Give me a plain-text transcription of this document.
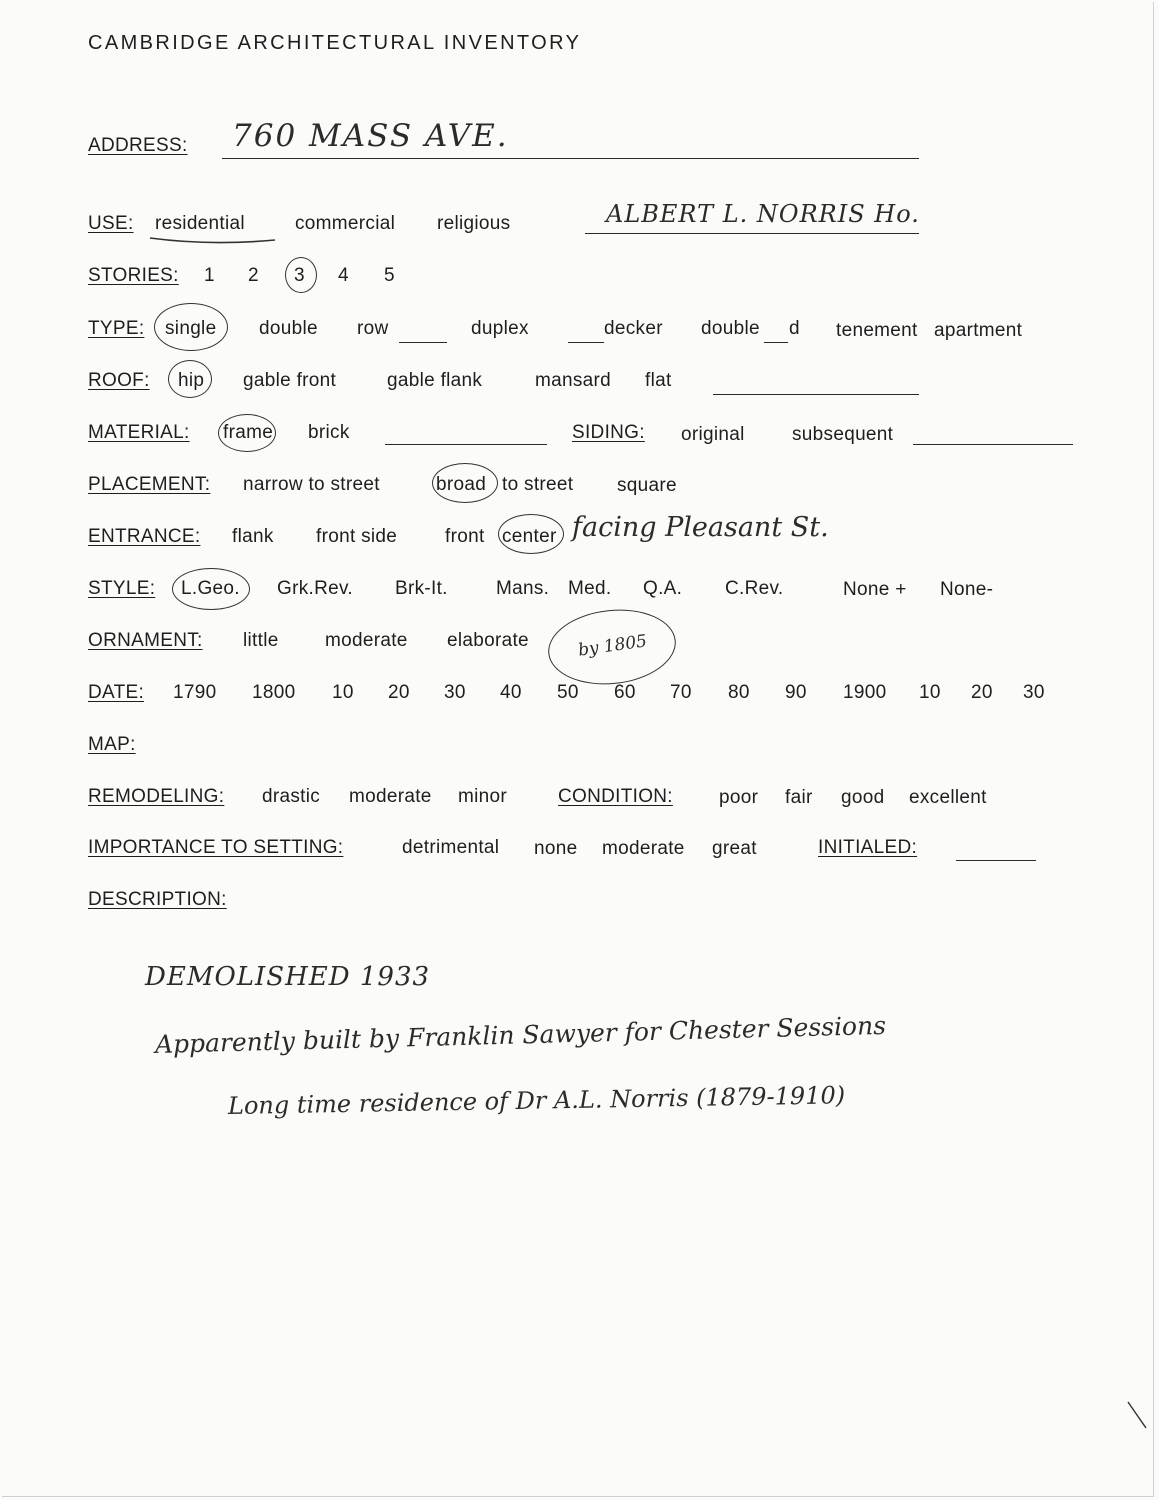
CAMBRIDGE ARCHITECTURAL INVENTORY
ADDRESS: 760 MASS AVE.
USE: residential	commercial religious	ALBERT L. NORRIS Ho.
STORIES: 1 2 3 4 5
TYPE: single double row	duplex	decker double d tenement apartment
ROOF: hip gable front	gable flank	mansard flat
MATERIAL: frame brick	SIDING: original subsequent
PLACEMENT: narrow to street	broad to street square
ENTRANCE: flank front side	front center facing Pleasant St.
STYLE: L.Geo. Grk.Rev. Brk-It.	Mans. Med. Q.A. C.Rev.	None + None-
ORNAMENT: little moderate elaborate	by 1805
DATE: 1790 1800 10 20 30 40 50 60 70 80 90 1900 10 20 30
MAP:
REMODELING: drastic moderate minor	CONDITION: poor fair good excellent
IMPORTANCE TO SETTING:	detrimental none moderate great	INITIALED:
DESCRIPTION:
DEMOLISHED 1933
Apparently built by Franklin Sawyer for Chester Sessions
Long time residence of Dr A.L. Norris (1879-1910)
